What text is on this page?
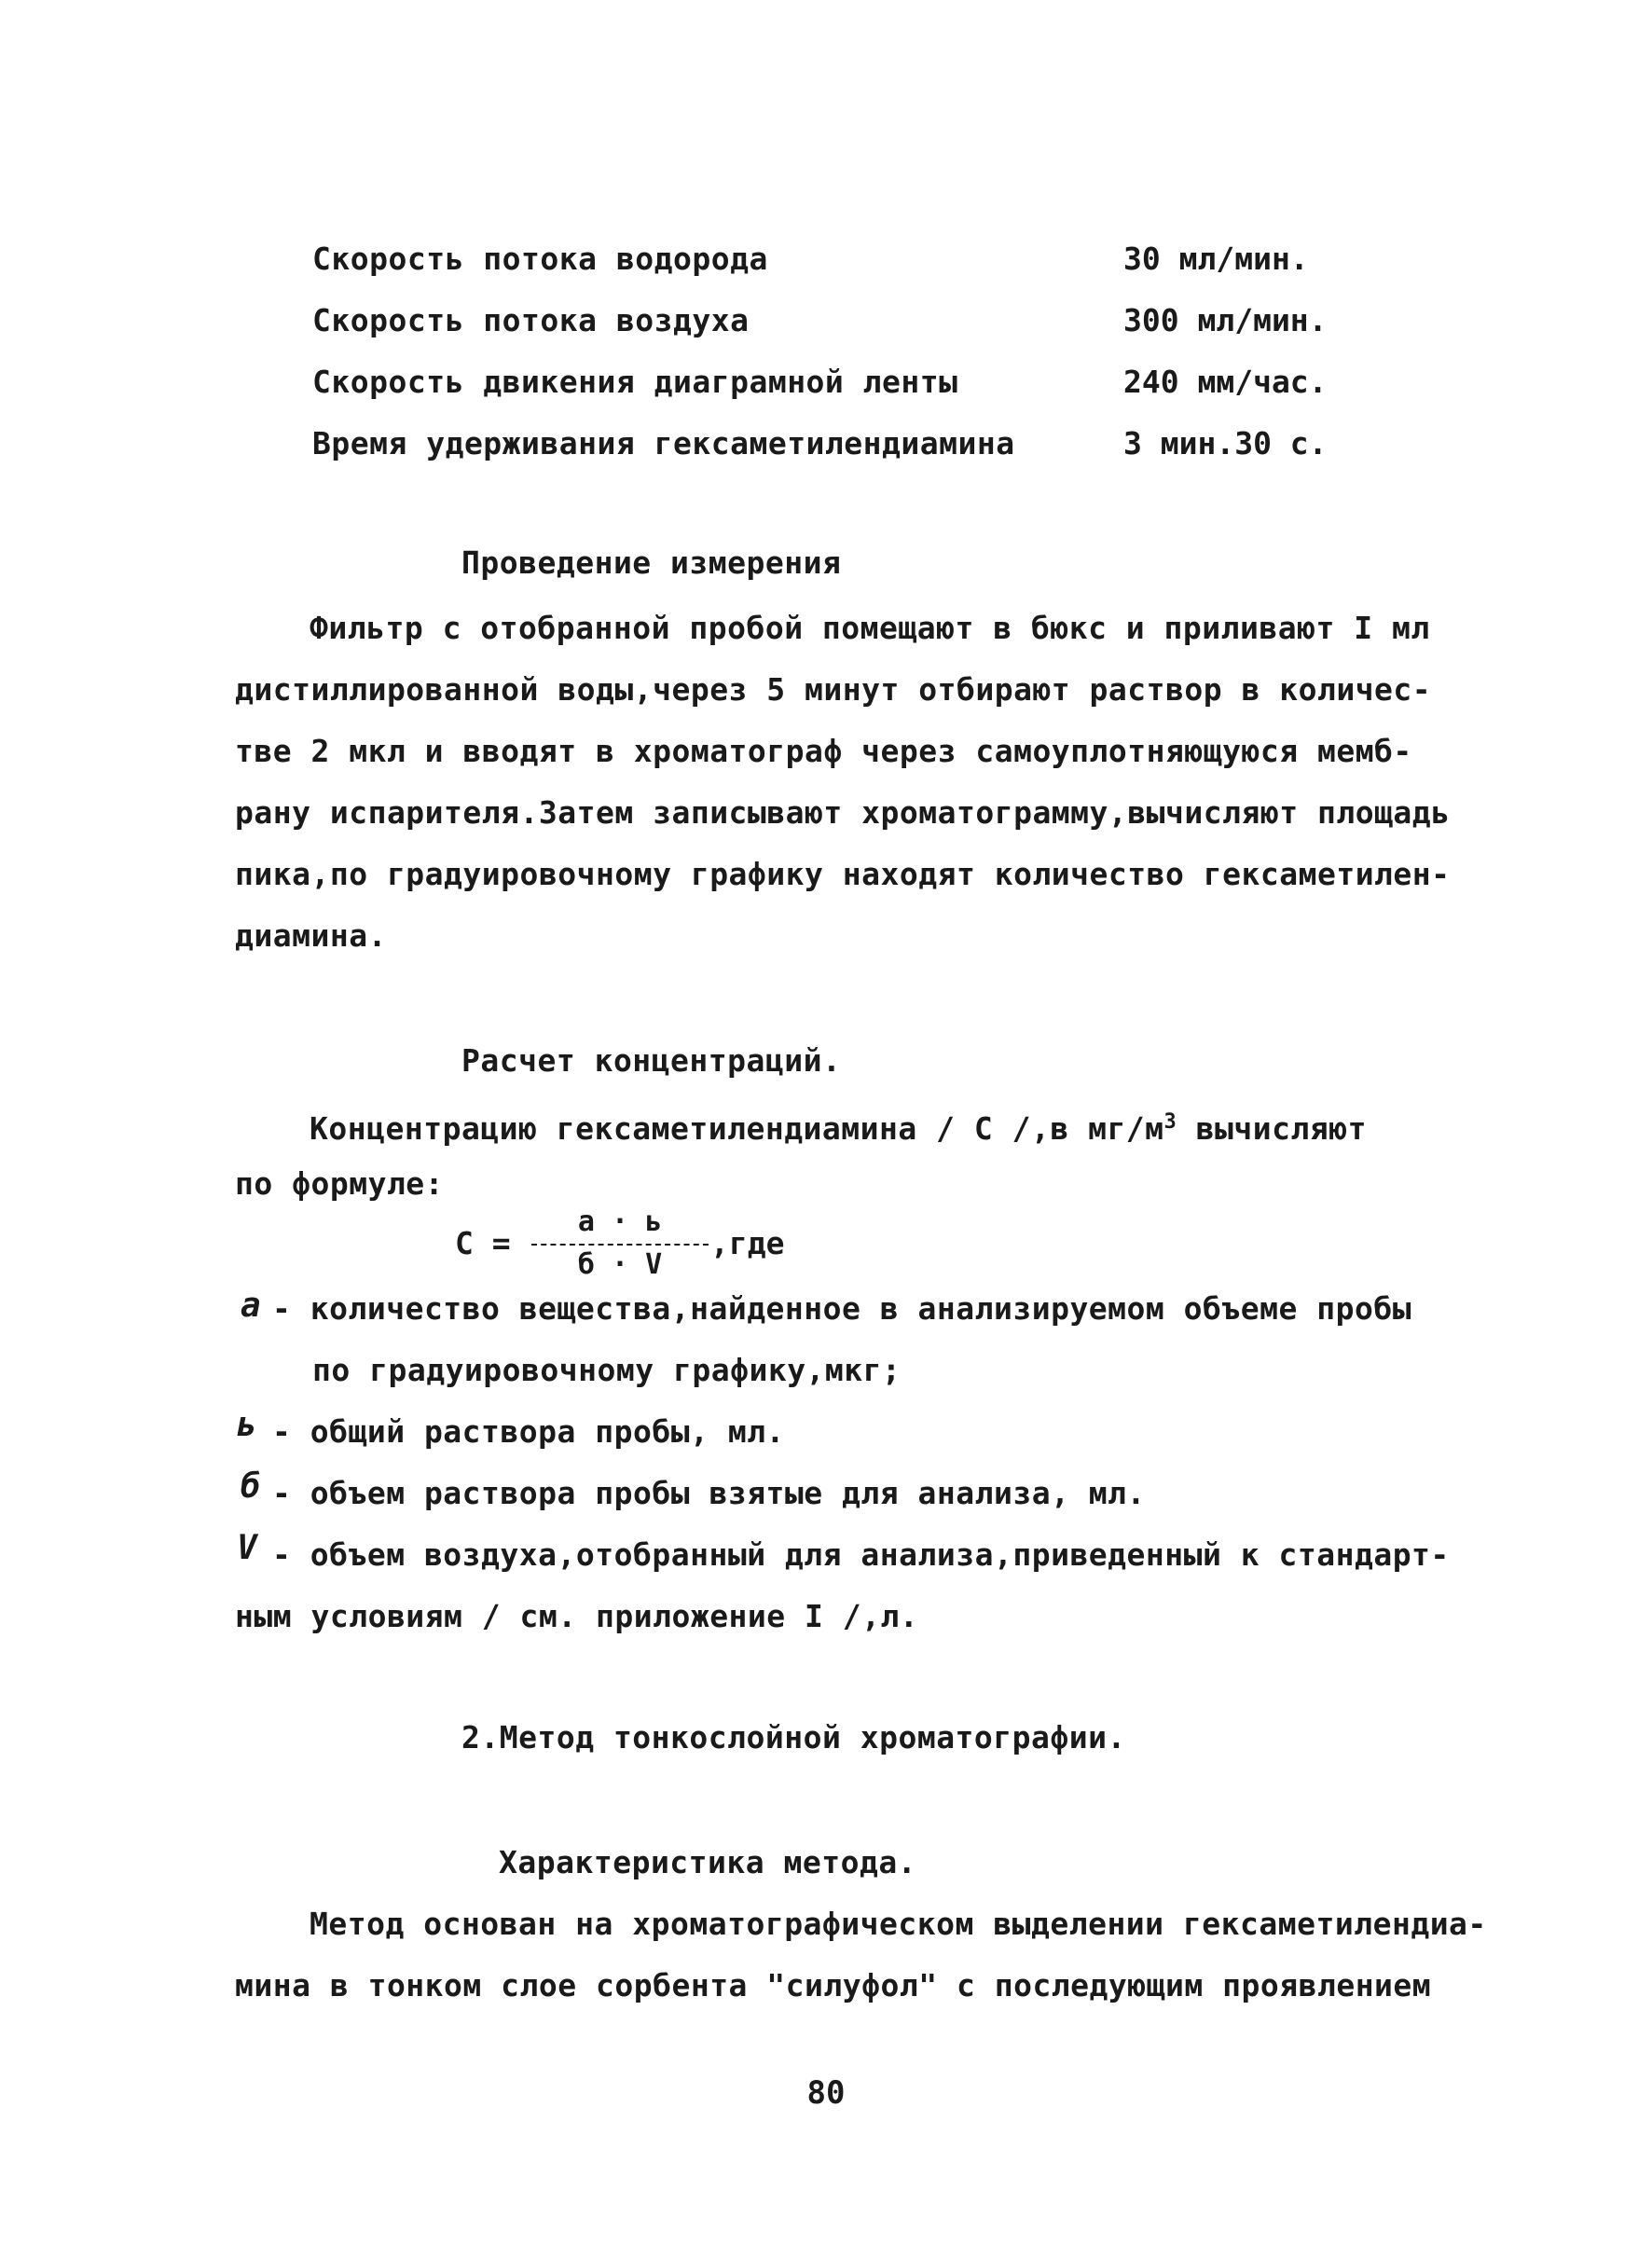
Скорость потока водорода	30 мл/мин.
Скорость потока воздуха	300 мл/мин.
Скорость двикения диаграмной ленты	240 мм/час.
Время удерживания гексаметилендиамина	3 мин.30 с.
Проведение измерения
Фильтр с отобранной пробой помещают в бюкс и приливают I мл
дистиллированной воды,через 5 минут отбирают раствор в количес-
тве 2 мкл и вводят в хроматограф через самоуплотняющуюся мемб-
рану испарителя.Затем записывают хроматограмму,вычисляют площадь
пика,по градуировочному графику находят количество гексаметилен-
диамина.
Расчет концентраций.
Концентрацию гексаметилендиамина / С /,в $мг/м^3$ вычисляют
по формуле:
С =
а · ь
б · V
,где
а - количество вещества,найденное в анализируемом объеме пробы
по градуировочному графику,мкг;
ь - общий раствора пробы, мл.
б - объем раствора пробы взятые для анализа, мл.
V - объем воздуха,отобранный для анализа,приведенный к стандарт-
ным условиям / см. приложение I /,л.
2.Метод тонкослойной хроматографии.
Характеристика метода.
Метод основан на хроматографическом выделении гексаметилендиа-
мина в тонком слое сорбента "силуфол" с последующим проявлением
80
